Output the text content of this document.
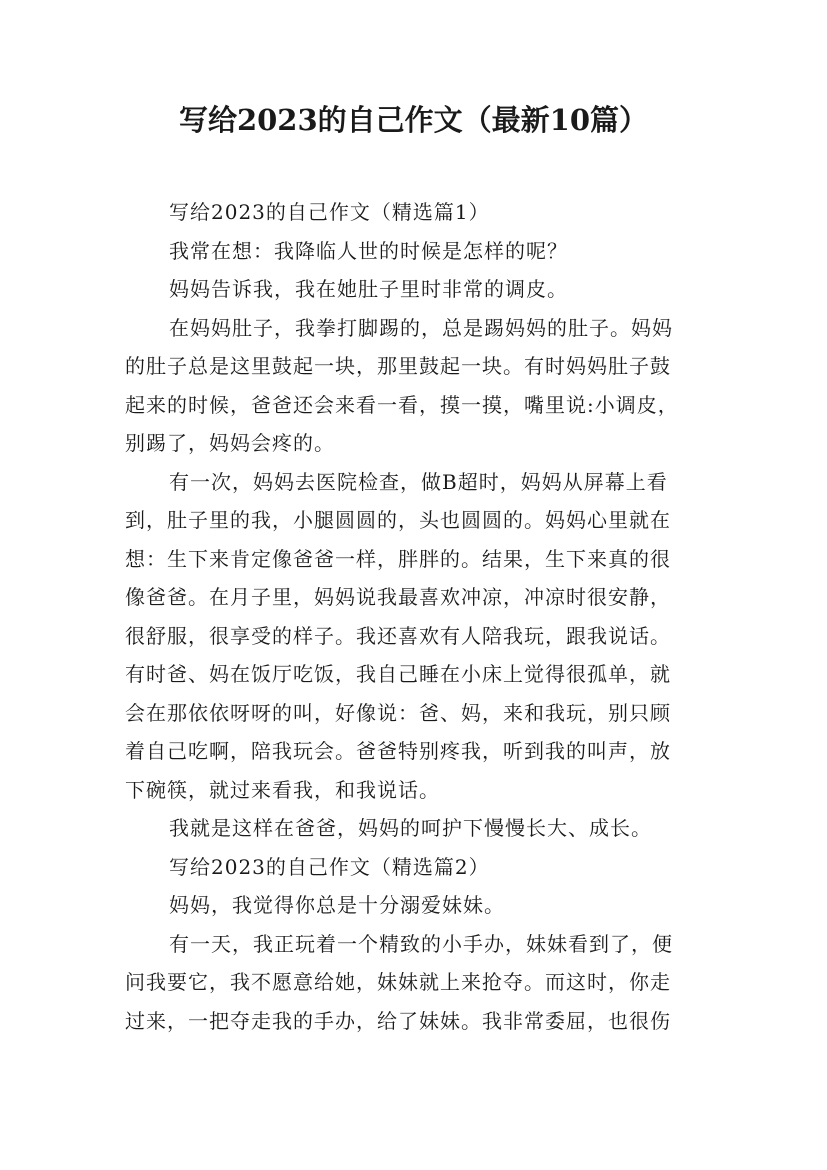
写给2023的自己作文（最新10篇）
写给2023的自己作文（精选篇1）
我常在想：我降临人世的时候是怎样的呢？
妈妈告诉我，我在她肚子里时非常的调皮。
在妈妈肚子，我拳打脚踢的，总是踢妈妈的肚子。妈妈
的肚子总是这里鼓起一块，那里鼓起一块。有时妈妈肚子鼓
起来的时候，爸爸还会来看一看，摸一摸，嘴里说:小调皮，
别踢了，妈妈会疼的。
有一次，妈妈去医院检查，做B超时，妈妈从屏幕上看
到，肚子里的我，小腿圆圆的，头也圆圆的。妈妈心里就在
想：生下来肯定像爸爸一样，胖胖的。结果，生下来真的很
像爸爸。在月子里，妈妈说我最喜欢冲凉，冲凉时很安静，
很舒服，很享受的样子。我还喜欢有人陪我玩，跟我说话。
有时爸、妈在饭厅吃饭，我自己睡在小床上觉得很孤单，就
会在那依依呀呀的叫，好像说：爸、妈，来和我玩，别只顾
着自己吃啊，陪我玩会。爸爸特别疼我，听到我的叫声，放
下碗筷，就过来看我，和我说话。
我就是这样在爸爸，妈妈的呵护下慢慢长大、成长。
写给2023的自己作文（精选篇2）
妈妈，我觉得你总是十分溺爱妹妹。
有一天，我正玩着一个精致的小手办，妹妹看到了，便
问我要它，我不愿意给她，妹妹就上来抢夺。而这时，你走
过来，一把夺走我的手办，给了妹妹。我非常委屈，也很伤
